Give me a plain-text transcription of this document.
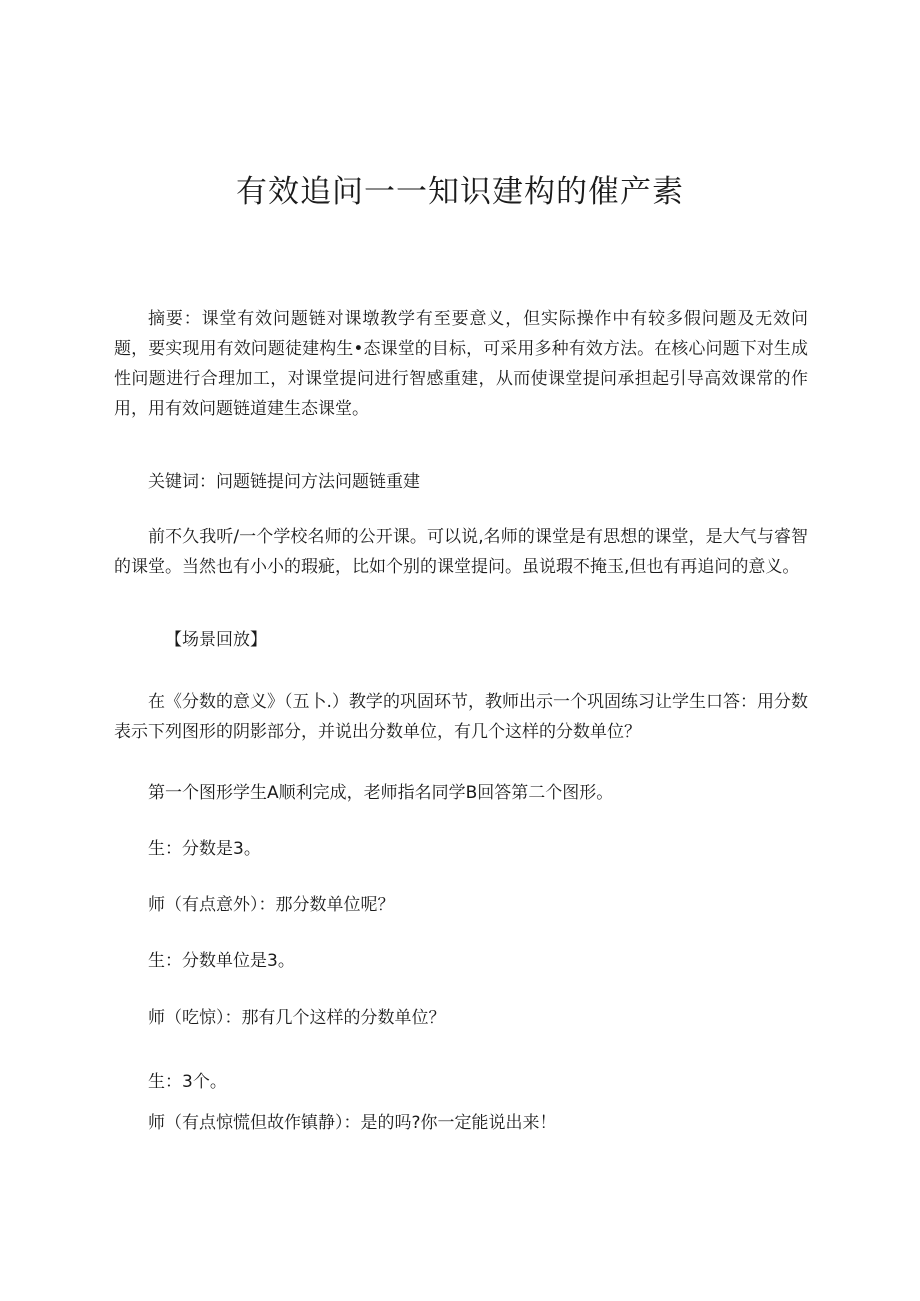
有效追问一一知识建构的催产素

摘要：课堂有效问题链对课墩教学有至要意义，但实际操作中有较多假问题及无效问题，要实现用有效问题徒建构生•态课堂的目标，可采用多种有效方法。在核心问题下对生成性问题进行合理加工，对课堂提问进行智感重建，从而使课堂提问承担起引导高效课常的作用，用有效问题链道建生态课堂。

关键词：问题链提问方法问题链重建

前不久我听/一个学校名师的公开课。可以说,名师的课堂是有思想的课堂，是大气与睿智的课堂。当然也有小小的瑕疵，比如个别的课堂提问。虽说瑕不掩玉,但也有再追问的意义。

【场景回放】

在《分数的意义》（五卜.）教学的巩固环节，教师出示一个巩固练习让学生口答：用分数表示下列图形的阴影部分，并说出分数单位，有几个这样的分数单位？

第一个图形学生A顺利完成，老师指名同学B回答第二个图形。

生：分数是3。

师（有点意外）：那分数单位呢？

生：分数单位是3。

师（吃惊）：那有几个这样的分数单位？

生：3个。

师（有点惊慌但故作镇静）：是的吗?你一定能说出来！
